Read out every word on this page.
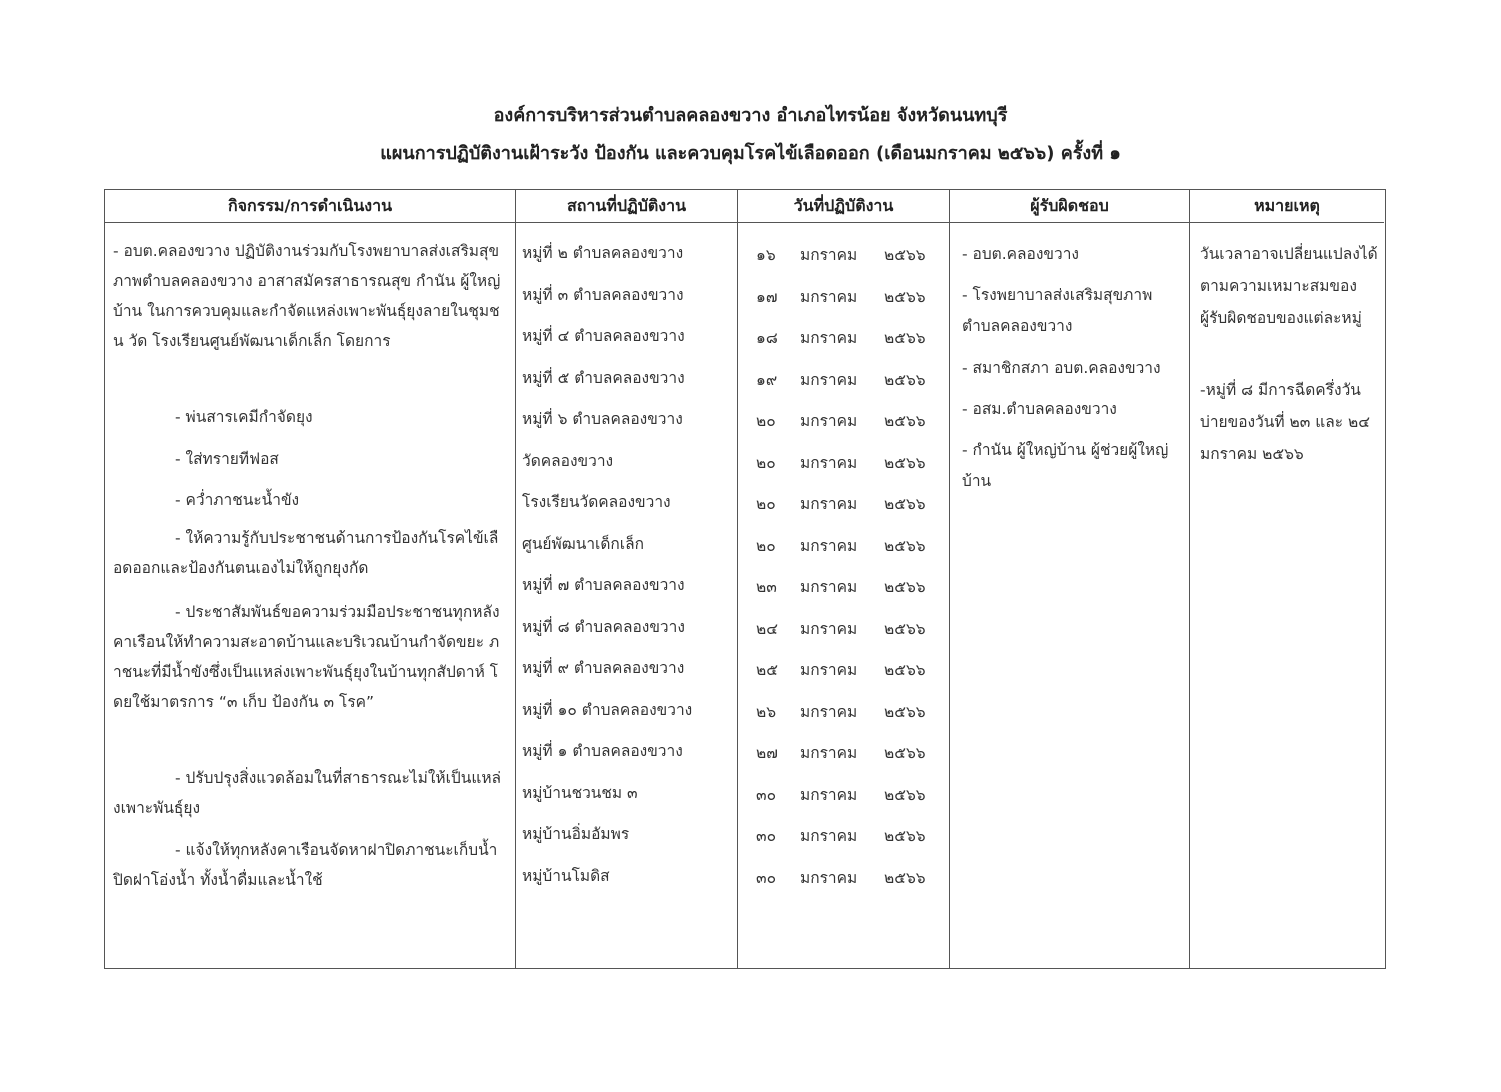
องค์การบริหารส่วนตำบลคลองขวาง อำเภอไทรน้อย จังหวัดนนทบุรี
แผนการปฏิบัติงานเฝ้าระวัง ป้องกัน และควบคุมโรคไข้เลือดออก (เดือนมกราคม ๒๕๖๖) ครั้งที่ ๑
กิจกรรม/การดำเนินงาน
- อบต.คลองขวาง ปฏิบัติงานร่วมกับโรงพยาบาลส่งเสริมสุขภาพตำบลคลองขวาง อาสาสมัครสาธารณสุข กำนัน ผู้ใหญ่บ้าน ในการควบคุมและกำจัดแหล่งเพาะพันธุ์ยุงลายในชุมชน วัด โรงเรียนศูนย์พัฒนาเด็กเล็ก โดยการ
- พ่นสารเคมีกำจัดยุง
- ใส่ทรายทีฟอส
- คว่ำภาชนะน้ำขัง
- ให้ความรู้กับประชาชนด้านการป้องกันโรคไข้เลือดออกและป้องกันตนเองไม่ให้ถูกยุงกัด
- ประชาสัมพันธ์ขอความร่วมมือประชาชนทุกหลังคาเรือนให้ทำความสะอาดบ้านและบริเวณบ้านกำจัดขยะ ภาชนะที่มีน้ำขังซึ่งเป็นแหล่งเพาะพันธุ์ยุงในบ้านทุกสัปดาห์ โดยใช้มาตรการ “๓ เก็บ ป้องกัน ๓ โรค”
- ปรับปรุงสิ่งแวดล้อมในที่สาธารณะไม่ให้เป็นแหล่งเพาะพันธุ์ยุง
- แจ้งให้ทุกหลังคาเรือนจัดหาฝาปิดภาชนะเก็บน้ำ ปิดฝาโอ่งน้ำ ทั้งน้ำดื่มและน้ำใช้
สถานที่ปฏิบัติงาน
หมู่ที่ ๒ ตำบลคลองขวาง
หมู่ที่ ๓ ตำบลคลองขวาง
หมู่ที่ ๔ ตำบลคลองขวาง
หมู่ที่ ๕ ตำบลคลองขวาง
หมู่ที่ ๖ ตำบลคลองขวาง
วัดคลองขวาง
โรงเรียนวัดคลองขวาง
ศูนย์พัฒนาเด็กเล็ก
หมู่ที่ ๗ ตำบลคลองขวาง
หมู่ที่ ๘ ตำบลคลองขวาง
หมู่ที่ ๙ ตำบลคลองขวาง
หมู่ที่ ๑๐ ตำบลคลองขวาง
หมู่ที่ ๑ ตำบลคลองขวาง
หมู่บ้านชวนชม ๓
หมู่บ้านอิ่มอัมพร
หมู่บ้านโมดิส
วันที่ปฏิบัติงาน
๑๖ มกราคม ๒๕๖๖
๑๗ มกราคม ๒๕๖๖
๑๘ มกราคม ๒๕๖๖
๑๙ มกราคม ๒๕๖๖
๒๐ มกราคม ๒๕๖๖
๒๐ มกราคม ๒๕๖๖
๒๐ มกราคม ๒๕๖๖
๒๐ มกราคม ๒๕๖๖
๒๓ มกราคม ๒๕๖๖
๒๔ มกราคม ๒๕๖๖
๒๕ มกราคม ๒๕๖๖
๒๖ มกราคม ๒๕๖๖
๒๗ มกราคม ๒๕๖๖
๓๐ มกราคม ๒๕๖๖
๓๐ มกราคม ๒๕๖๖
๓๐ มกราคม ๒๕๖๖
ผู้รับผิดชอบ
- อบต.คลองขวาง
- โรงพยาบาลส่งเสริมสุขภาพตำบลคลองขวาง
- สมาชิกสภา อบต.คลองขวาง
- อสม.ตำบลคลองขวาง
- กำนัน ผู้ใหญ่บ้าน ผู้ช่วยผู้ใหญ่บ้าน
หมายเหตุ
วันเวลาอาจเปลี่ยนแปลงได้ตามความเหมาะสมของผู้รับผิดชอบของแต่ละหมู่
-หมู่ที่ ๘ มีการฉีดครึ่งวันบ่ายของวันที่ ๒๓ และ ๒๔ มกราคม ๒๕๖๖
